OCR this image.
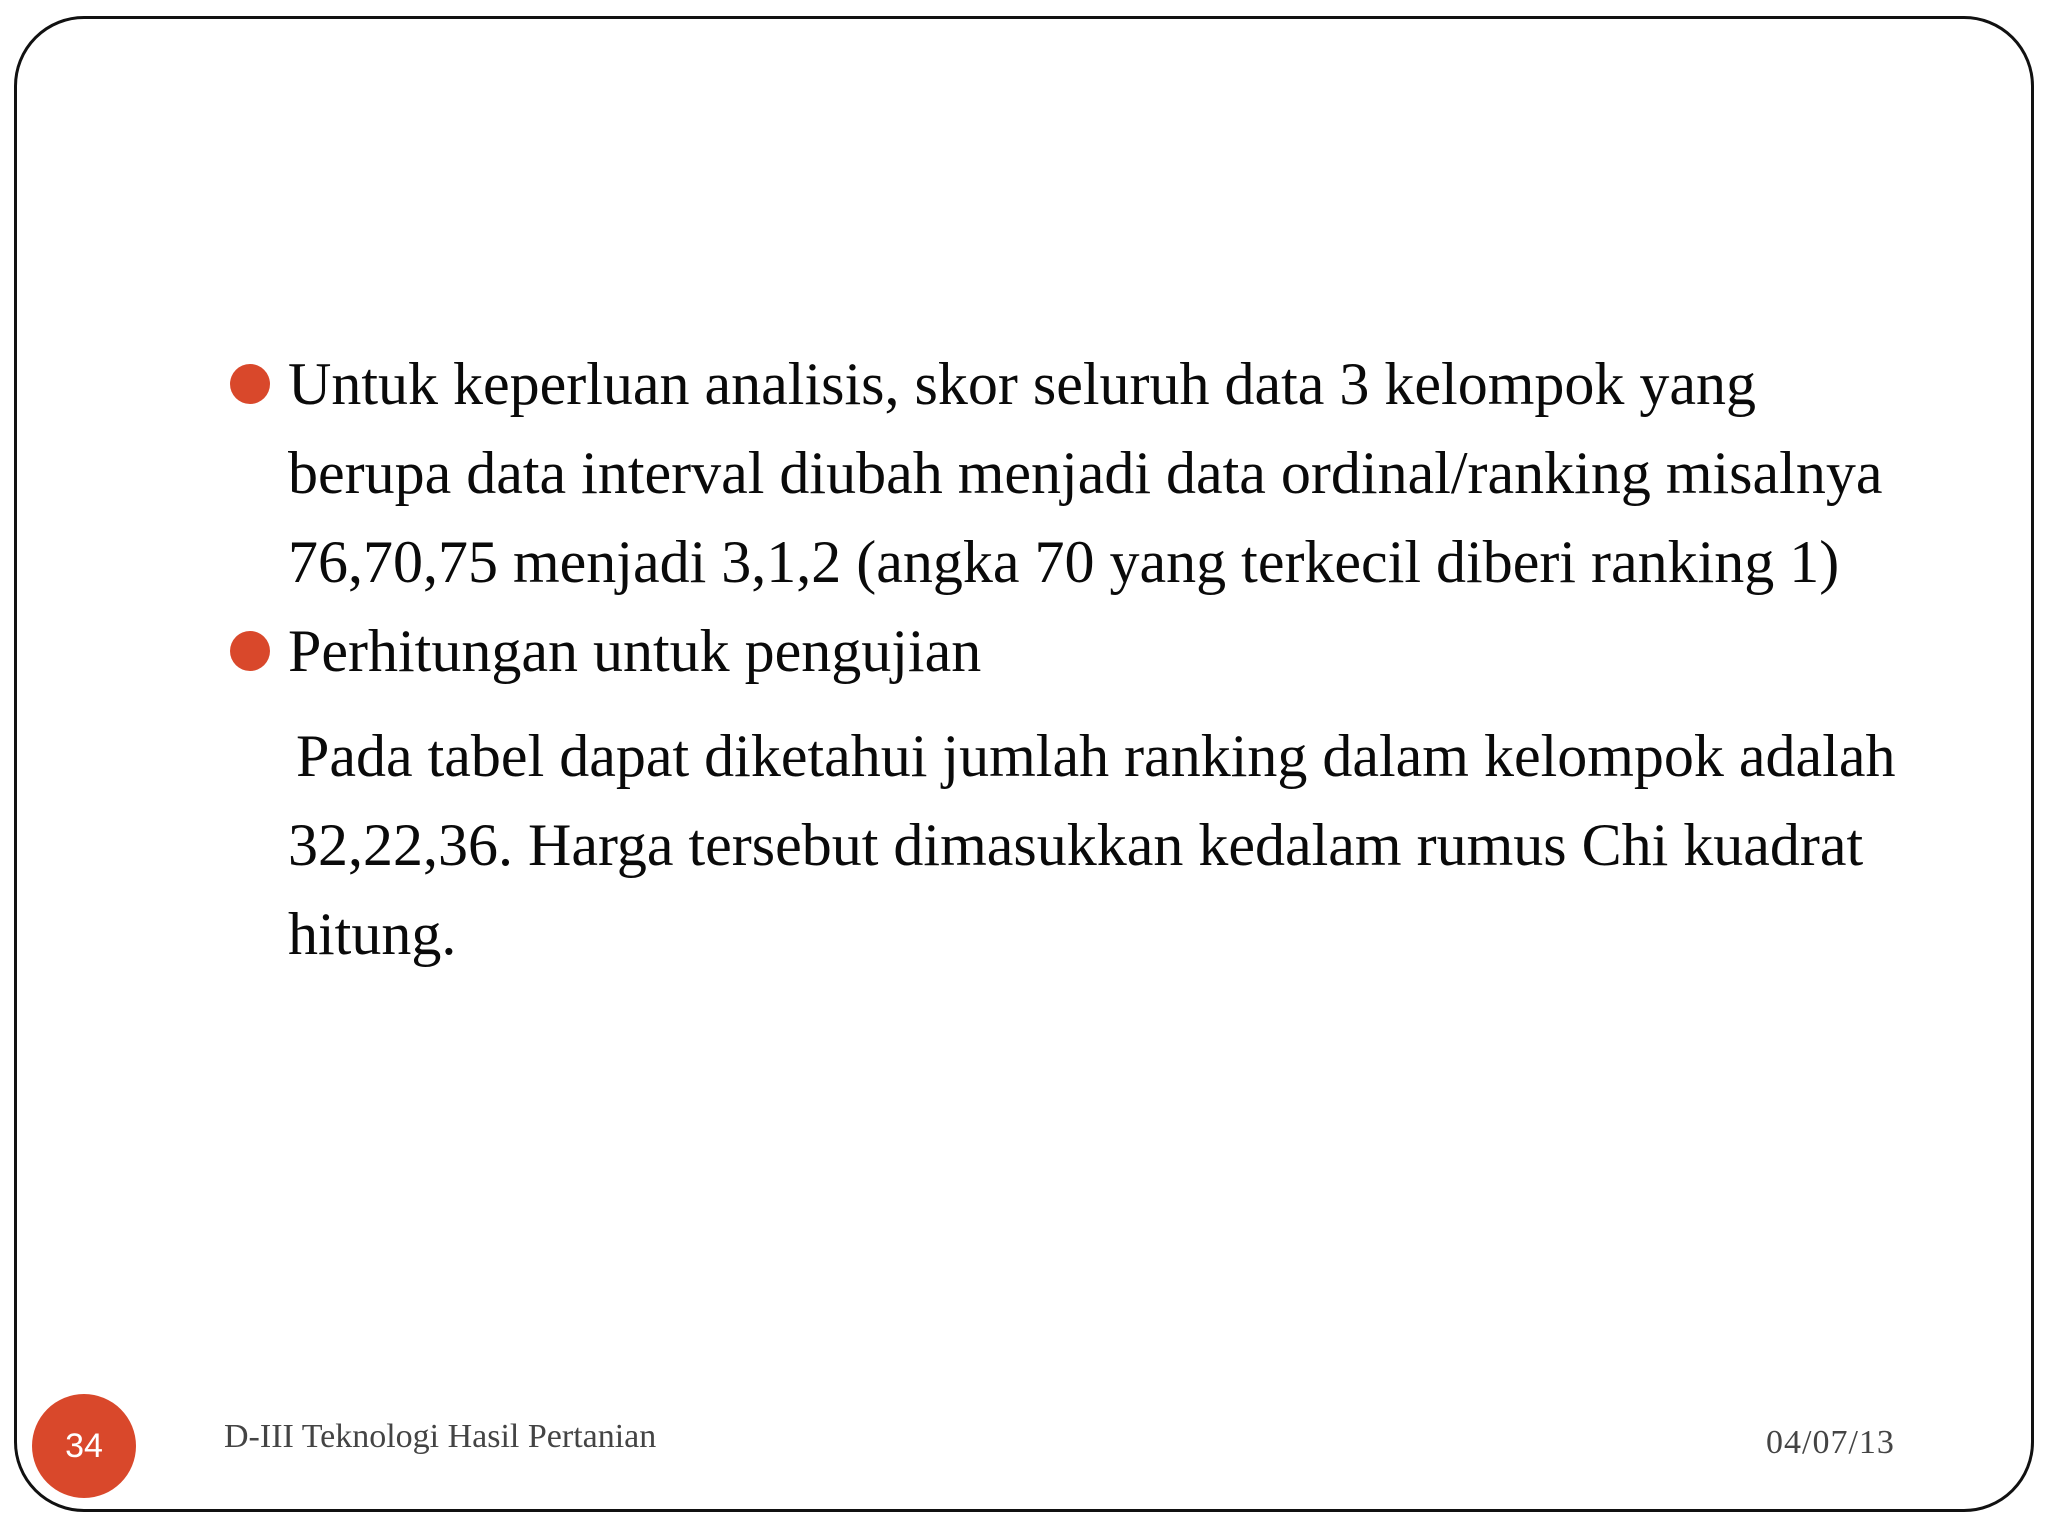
Untuk keperluan analisis, skor seluruh data 3 kelompok yang berupa data interval diubah menjadi data ordinal/ranking misalnya 76,70,75 menjadi 3,1,2 (angka 70 yang terkecil diberi ranking 1)
Perhitungan untuk pengujian
Pada tabel dapat diketahui jumlah ranking dalam kelompok adalah 32,22,36. Harga tersebut dimasukkan kedalam rumus Chi kuadrat hitung.
34	D-III Teknologi Hasil Pertanian	04/07/13
